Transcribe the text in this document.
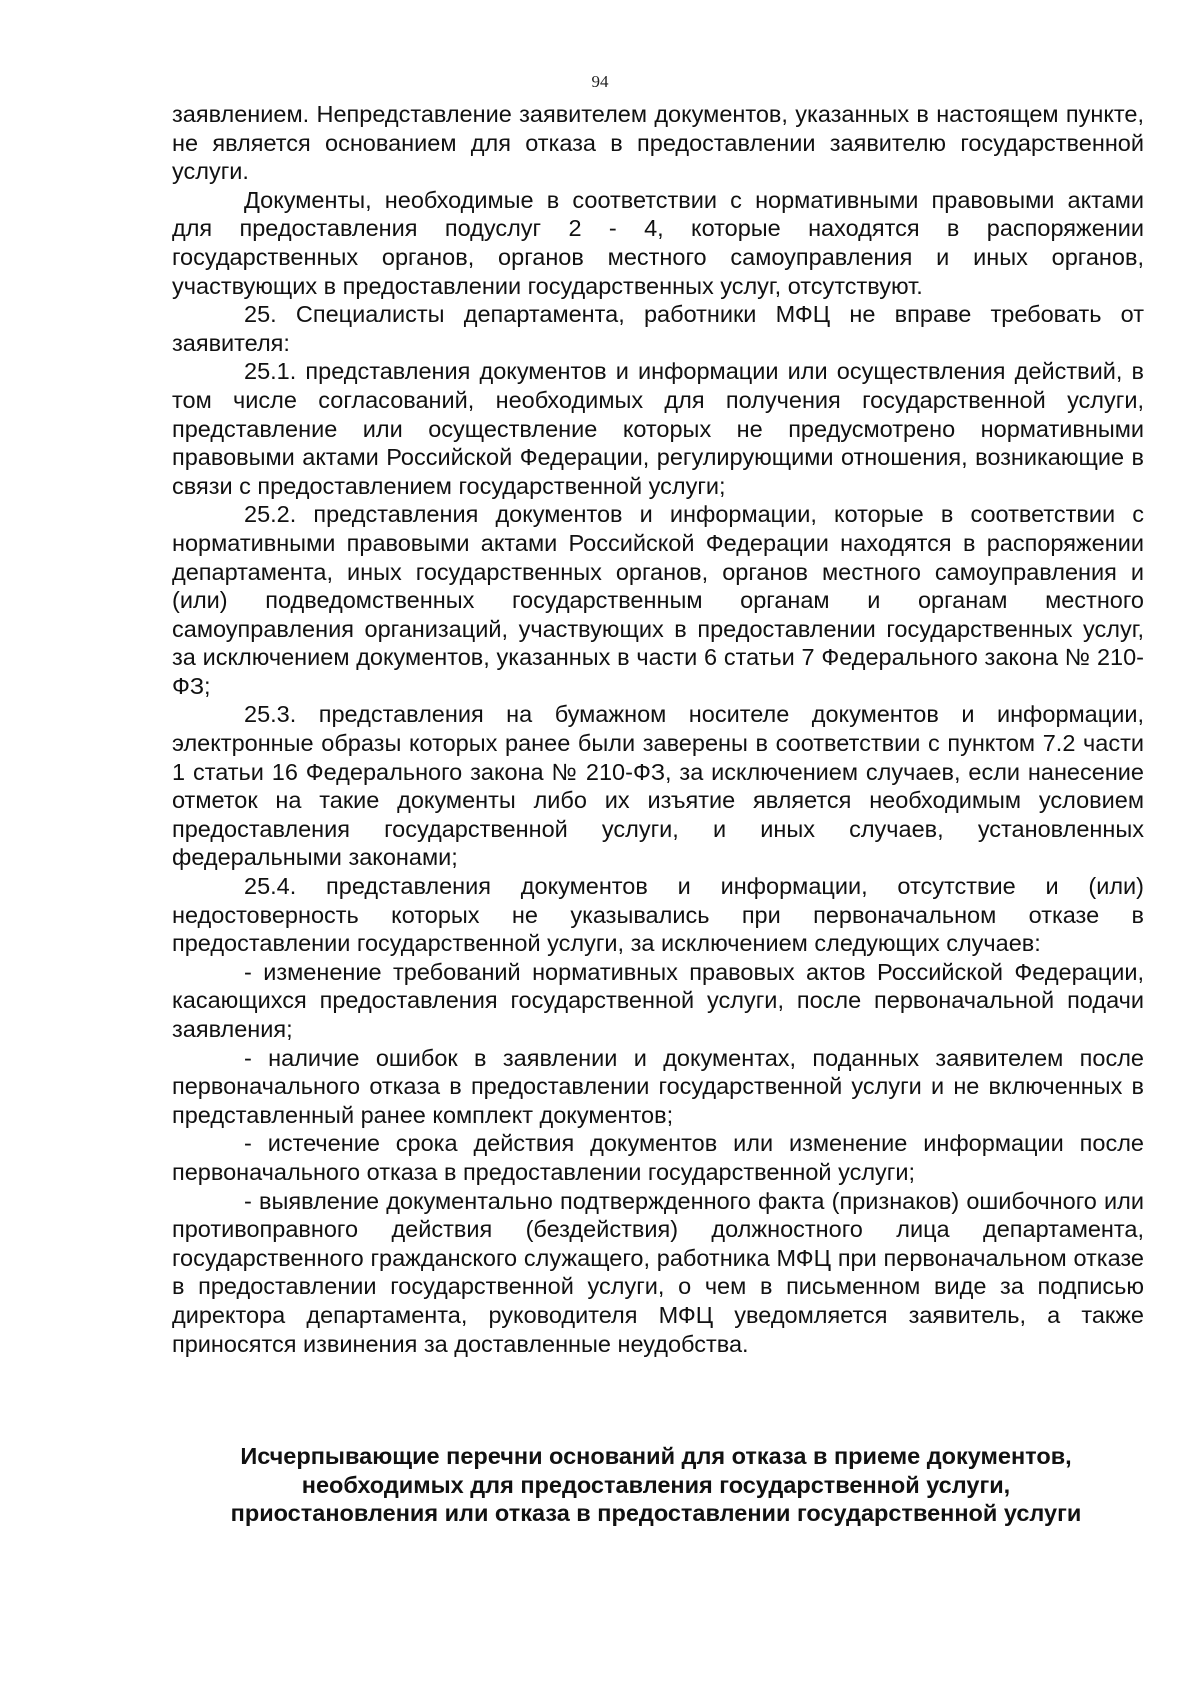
94

заявлением. Непредставление заявителем документов, указанных в настоящем пункте, не является основанием для отказа в предоставлении заявителю государственной услуги.

Документы, необходимые в соответствии с нормативными правовыми актами для предоставления подуслуг 2 - 4, которые находятся в распоряжении государственных органов, органов местного самоуправления и иных органов, участвующих в предоставлении государственных услуг, отсутствуют.

25. Специалисты департамента, работники МФЦ не вправе требовать от заявителя:

25.1. представления документов и информации или осуществления действий, в том числе согласований, необходимых для получения государственной услуги, представление или осуществление которых не предусмотрено нормативными правовыми актами Российской Федерации, регулирующими отношения, возникающие в связи с предоставлением государственной услуги;

25.2. представления документов и информации, которые в соответствии с нормативными правовыми актами Российской Федерации находятся в распоряжении департамента, иных государственных органов, органов местного самоуправления и (или) подведомственных государственным органам и органам местного самоуправления организаций, участвующих в предоставлении государственных услуг, за исключением документов, указанных в части 6 статьи 7 Федерального закона № 210-ФЗ;

25.3. представления на бумажном носителе документов и информации, электронные образы которых ранее были заверены в соответствии с пунктом 7.2 части 1 статьи 16 Федерального закона № 210-ФЗ, за исключением случаев, если нанесение отметок на такие документы либо их изъятие является необходимым условием предоставления государственной услуги, и иных случаев, установленных федеральными законами;

25.4. представления документов и информации, отсутствие и (или) недостоверность которых не указывались при первоначальном отказе в предоставлении государственной услуги, за исключением следующих случаев:

- изменение требований нормативных правовых актов Российской Федерации, касающихся предоставления государственной услуги, после первоначальной подачи заявления;

- наличие ошибок в заявлении и документах, поданных заявителем после первоначального отказа в предоставлении государственной услуги и не включенных в представленный ранее комплект документов;

- истечение срока действия документов или изменение информации после первоначального отказа в предоставлении государственной услуги;

- выявление документально подтвержденного факта (признаков) ошибочного или противоправного действия (бездействия) должностного лица департамента, государственного гражданского служащего, работника МФЦ при первоначальном отказе в предоставлении государственной услуги, о чем в письменном виде за подписью директора департамента, руководителя МФЦ уведомляется заявитель, а также приносятся извинения за доставленные неудобства.

Исчерпывающие перечни оснований для отказа в приеме документов,
необходимых для предоставления государственной услуги,
приостановления или отказа в предоставлении государственной услуги
